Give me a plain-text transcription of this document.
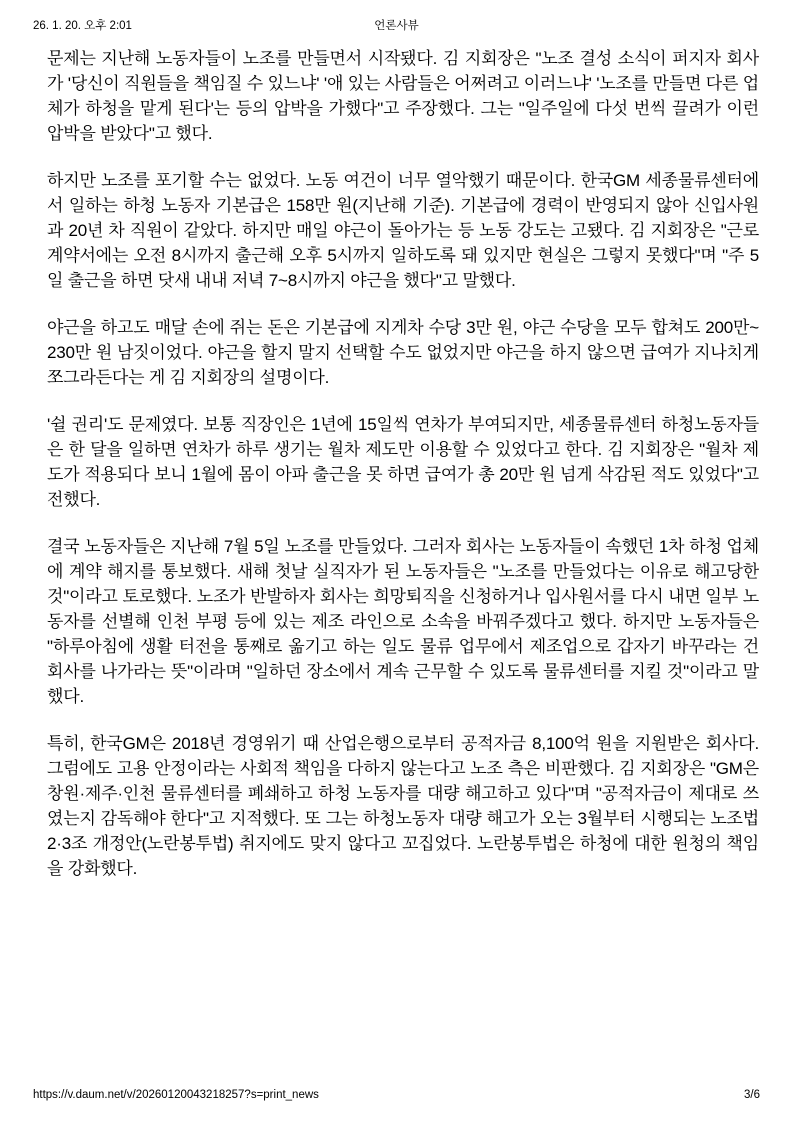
26. 1. 20. 오후 2:01	언론사뷰

문제는 지난해 노동자들이 노조를 만들면서 시작됐다. 김 지회장은 "노조 결성 소식이 퍼지자 회사가 '당신이 직원들을 책임질 수 있느냐' '애 있는 사람들은 어쩌려고 이러느냐' '노조를 만들면 다른 업체가 하청을 맡게 된다'는 등의 압박을 가했다"고 주장했다. 그는 "일주일에 다섯 번씩 끌려가 이런 압박을 받았다"고 했다.

하지만 노조를 포기할 수는 없었다. 노동 여건이 너무 열악했기 때문이다. 한국GM 세종물류센터에서 일하는 하청 노동자 기본급은 158만 원(지난해 기준). 기본급에 경력이 반영되지 않아 신입사원과 20년 차 직원이 같았다. 하지만 매일 야근이 돌아가는 등 노동 강도는 고됐다. 김 지회장은 "근로계약서에는 오전 8시까지 출근해 오후 5시까지 일하도록 돼 있지만 현실은 그렇지 못했다"며 "주 5일 출근을 하면 닷새 내내 저녁 7~8시까지 야근을 했다"고 말했다.

야근을 하고도 매달 손에 쥐는 돈은 기본급에 지게차 수당 3만 원, 야근 수당을 모두 합쳐도 200만~230만 원 남짓이었다. 야근을 할지 말지 선택할 수도 없었지만 야근을 하지 않으면 급여가 지나치게 쪼그라든다는 게 김 지회장의 설명이다.

'쉴 권리'도 문제였다. 보통 직장인은 1년에 15일씩 연차가 부여되지만, 세종물류센터 하청노동자들은 한 달을 일하면 연차가 하루 생기는 월차 제도만 이용할 수 있었다고 한다. 김 지회장은 "월차 제도가 적용되다 보니 1월에 몸이 아파 출근을 못 하면 급여가 총 20만 원 넘게 삭감된 적도 있었다"고 전했다.

결국 노동자들은 지난해 7월 5일 노조를 만들었다. 그러자 회사는 노동자들이 속했던 1차 하청 업체에 계약 해지를 통보했다. 새해 첫날 실직자가 된 노동자들은 "노조를 만들었다는 이유로 해고당한 것"이라고 토로했다. 노조가 반발하자 회사는 희망퇴직을 신청하거나 입사원서를 다시 내면 일부 노동자를 선별해 인천 부평 등에 있는 제조 라인으로 소속을 바꿔주겠다고 했다. 하지만 노동자들은 "하루아침에 생활 터전을 통째로 옮기고 하는 일도 물류 업무에서 제조업으로 갑자기 바꾸라는 건 회사를 나가라는 뜻"이라며 "일하던 장소에서 계속 근무할 수 있도록 물류센터를 지킬 것"이라고 말했다.

특히, 한국GM은 2018년 경영위기 때 산업은행으로부터 공적자금 8,100억 원을 지원받은 회사다. 그럼에도 고용 안정이라는 사회적 책임을 다하지 않는다고 노조 측은 비판했다. 김 지회장은 "GM은 창원·제주·인천 물류센터를 폐쇄하고 하청 노동자를 대량 해고하고 있다"며 "공적자금이 제대로 쓰였는지 감독해야 한다"고 지적했다. 또 그는 하청노동자 대량 해고가 오는 3월부터 시행되는 노조법2·3조 개정안(노란봉투법) 취지에도 맞지 않다고 꼬집었다. 노란봉투법은 하청에 대한 원청의 책임을 강화했다.

https://v.daum.net/v/20260120043218257?s=print_news	3/6
